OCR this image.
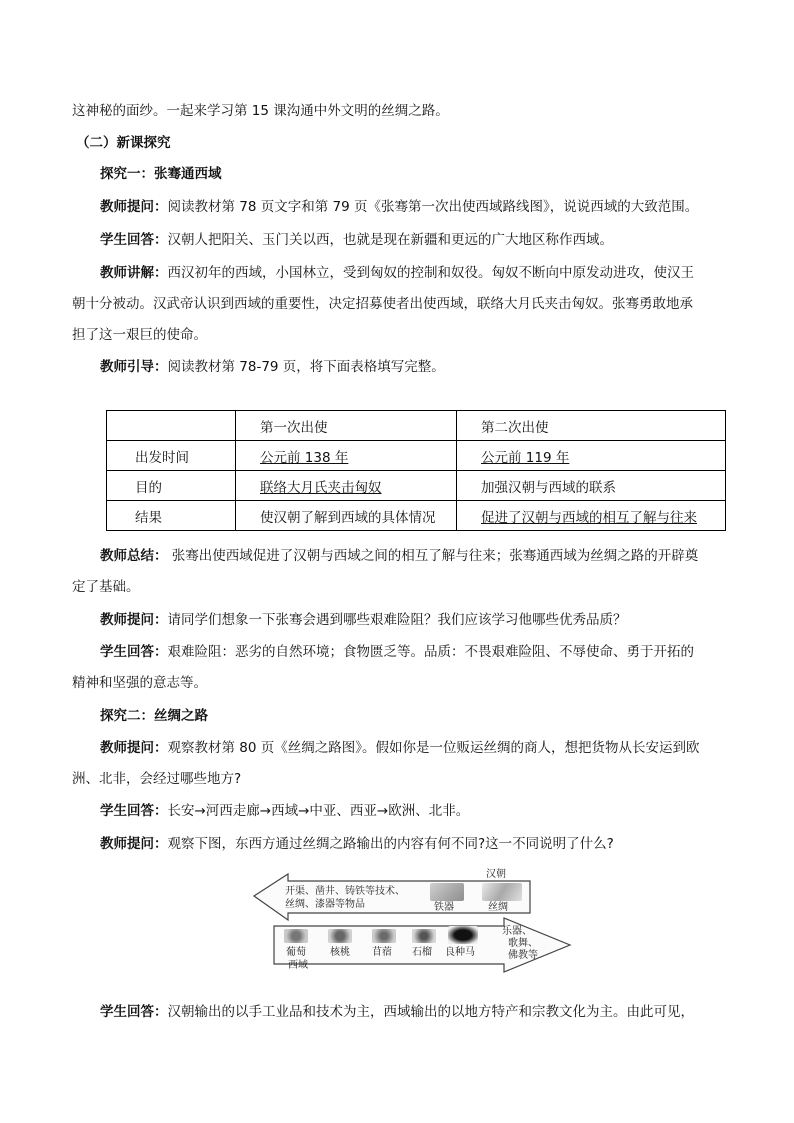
这神秘的面纱。一起来学习第 15 课沟通中外文明的丝绸之路。
（二）新课探究
探究一：张骞通西域
教师提问：阅读教材第 78 页文字和第 79 页《张骞第一次出使西域路线图》，说说西域的大致范围。
学生回答：汉朝人把阳关、玉门关以西，也就是现在新疆和更远的广大地区称作西域。
教师讲解：西汉初年的西域，小国林立，受到匈奴的控制和奴役。匈奴不断向中原发动进攻，使汉王
朝十分被动。汉武帝认识到西域的重要性，决定招募使者出使西域，联络大月氏夹击匈奴。张骞勇敢地承
担了这一艰巨的使命。
教师引导：阅读教材第 78-79 页，将下面表格填写完整。
	第一次出使	第二次出使
出发时间	公元前 138 年	公元前 119 年
目的	联络大月氏夹击匈奴	加强汉朝与西域的联系
结果	使汉朝了解到西域的具体情况	促进了汉朝与西域的相互了解与往来
教师总结： 张骞出使西域促进了汉朝与西域之间的相互了解与往来；张骞通西域为丝绸之路的开辟奠
定了基础。
教师提问：请同学们想象一下张骞会遇到哪些艰难险阻？我们应该学习他哪些优秀品质？
学生回答：艰难险阻：恶劣的自然环境；食物匮乏等。品质：不畏艰难险阻、不辱使命、勇于开拓的
精神和坚强的意志等。
探究二：丝绸之路
教师提问：观察教材第 80 页《丝绸之路图》。假如你是一位贩运丝绸的商人，想把货物从长安运到欧
洲、北非，会经过哪些地方?
学生回答：长安→河西走廊→西域→中亚、西亚→欧洲、北非。
教师提问：观察下图，东西方通过丝绸之路输出的内容有何不同?这一不同说明了什么?
开渠、凿井、铸铁等技术、
丝绸、漆器等物品	铁器	丝绸
汉朝
葡萄 核桃 苜蓿 石榴 良种马
西域
乐器、
歌舞、
佛教等
学生回答：汉朝输出的以手工业品和技术为主，西域输出的以地方特产和宗教文化为主。由此可见，
